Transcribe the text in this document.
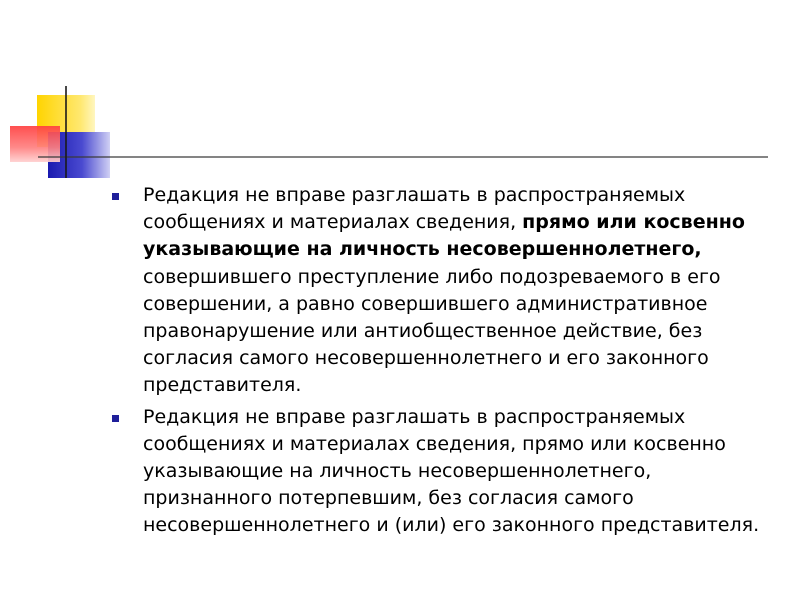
Редакция не вправе разглашать в распространяемых сообщениях и материалах сведения, прямо или косвенно указывающие на личность несовершеннолетнего, совершившего преступление либо подозреваемого в его совершении, а равно совершившего административное правонарушение или антиобщественное действие, без согласия самого несовершеннолетнего и его законного представителя.
Редакция не вправе разглашать в распространяемых сообщениях и материалах сведения, прямо или косвенно указывающие на личность несовершеннолетнего, признанного потерпевшим, без согласия самого несовершеннолетнего и (или) его законного представителя.
